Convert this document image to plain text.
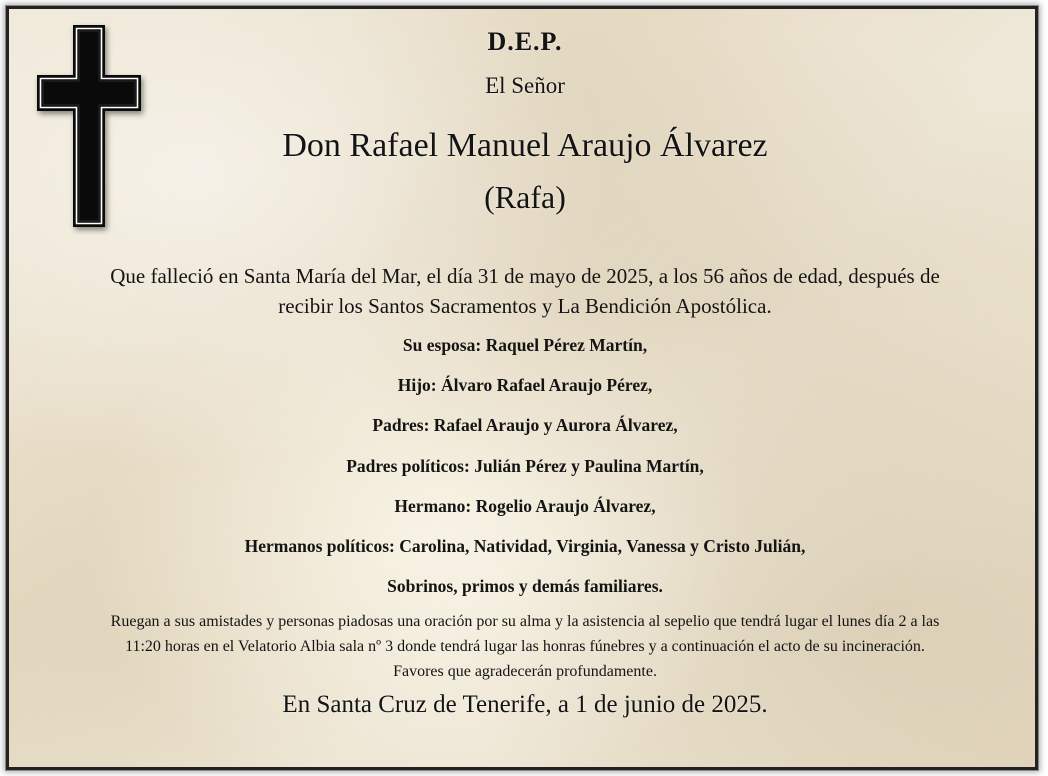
D.E.P.

El Señor

Don Rafael Manuel Araujo Álvarez

(Rafa)

Que falleció en Santa María del Mar, el día 31 de mayo de 2025, a los 56 años de edad, después de
recibir los Santos Sacramentos y La Bendición Apostólica.

Su esposa: Raquel Pérez Martín,

Hijo: Álvaro Rafael Araujo Pérez,

Padres: Rafael Araujo y Aurora Álvarez,

Padres políticos: Julián Pérez y Paulina Martín,

Hermano: Rogelio Araujo Álvarez,

Hermanos políticos: Carolina, Natividad, Virginia, Vanessa y Cristo Julián,

Sobrinos, primos y demás familiares.

Ruegan a sus amistades y personas piadosas una oración por su alma y la asistencia al sepelio que tendrá lugar el lunes día 2 a las
11:20 horas en el Velatorio Albia sala nº 3 donde tendrá lugar las honras fúnebres y a continuación el acto de su incineración.
Favores que agradecerán profundamente.

En Santa Cruz de Tenerife, a 1 de junio de 2025.
